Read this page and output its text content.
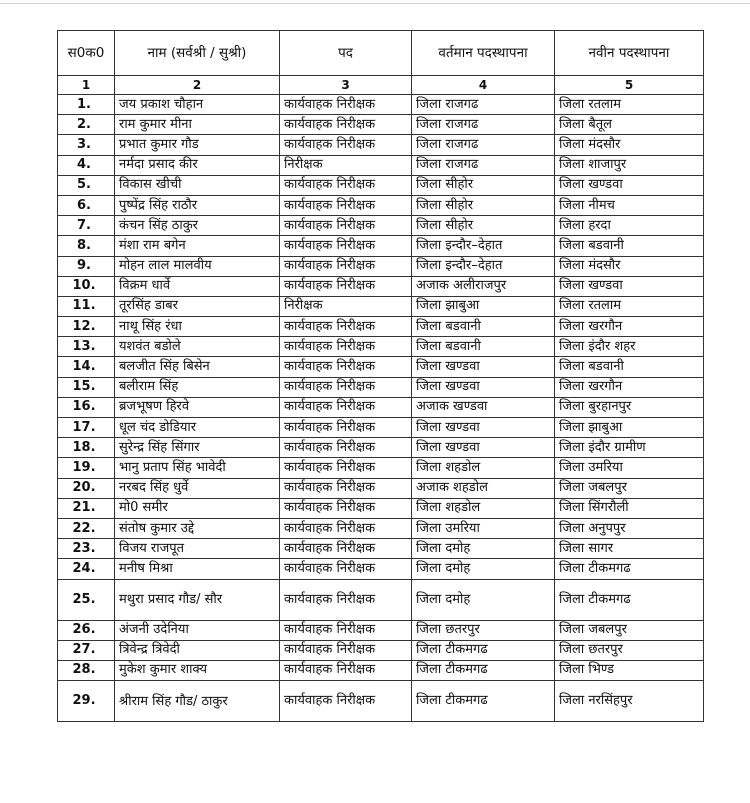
स0क0	नाम (सर्वश्री / सुश्री)	पद	वर्तमान पदस्थापना	नवीन पदस्थापना
1	2	3	4	5
1.	जय प्रकाश चौहान	कार्यवाहक निरीक्षक	जिला राजगढ	जिला रतलाम
2.	राम कुमार मीना	कार्यवाहक निरीक्षक	जिला राजगढ	जिला बैतूल
3.	प्रभात कुमार गौड	कार्यवाहक निरीक्षक	जिला राजगढ	जिला मंदसौर
4.	नर्मदा प्रसाद कीर	निरीक्षक	जिला राजगढ	जिला शाजापुर
5.	विकास खीची	कार्यवाहक निरीक्षक	जिला सीहोर	जिला खण्डवा
6.	पुष्पेंद्र सिंह राठौर	कार्यवाहक निरीक्षक	जिला सीहोर	जिला नीमच
7.	कंचन सिंह ठाकुर	कार्यवाहक निरीक्षक	जिला सीहोर	जिला हरदा
8.	मंशा राम बगेन	कार्यवाहक निरीक्षक	जिला इन्दौर–देहात	जिला बडवानी
9.	मोहन लाल मालवीय	कार्यवाहक निरीक्षक	जिला इन्दौर–देहात	जिला मंदसौर
10.	विक्रम धार्वे	कार्यवाहक निरीक्षक	अजाक अलीराजपुर	जिला खण्डवा
11.	तूरसिंह डाबर	निरीक्षक	जिला झाबुआ	जिला रतलाम
12.	नाथू सिंह रंधा	कार्यवाहक निरीक्षक	जिला बडवानी	जिला खरगौन
13.	यशवंत बडोले	कार्यवाहक निरीक्षक	जिला बडवानी	जिला इंदौर शहर
14.	बलजीत सिंह बिसेन	कार्यवाहक निरीक्षक	जिला खण्डवा	जिला बडवानी
15.	बलीराम सिंह	कार्यवाहक निरीक्षक	जिला खण्डवा	जिला खरगौन
16.	ब्रजभूषण हिरवे	कार्यवाहक निरीक्षक	अजाक खण्डवा	जिला बुरहानपुर
17.	धूल चंद डोडियार	कार्यवाहक निरीक्षक	जिला खण्डवा	जिला झाबुआ
18.	सुरेन्द्र सिंह सिंगार	कार्यवाहक निरीक्षक	जिला खण्डवा	जिला इंदौर ग्रामीण
19.	भानु प्रताप सिंह भावेदी	कार्यवाहक निरीक्षक	जिला शहडोल	जिला उमरिया
20.	नरबद सिंह धुर्वे	कार्यवाहक निरीक्षक	अजाक शहडोल	जिला जबलपुर
21.	मो0 समीर	कार्यवाहक निरीक्षक	जिला शहडोल	जिला सिंगरौली
22.	संतोष कुमार उद्दे	कार्यवाहक निरीक्षक	जिला उमरिया	जिला अनुपपुर
23.	विजय राजपूत	कार्यवाहक निरीक्षक	जिला दमोह	जिला सागर
24.	मनीष मिश्रा	कार्यवाहक निरीक्षक	जिला दमोह	जिला टीकमगढ
25.	मथुरा प्रसाद गौड/ सौर	कार्यवाहक निरीक्षक	जिला दमोह	जिला टीकमगढ
26.	अंजनी उदेनिया	कार्यवाहक निरीक्षक	जिला छतरपुर	जिला जबलपुर
27.	त्रिवेन्द्र त्रिवेदी	कार्यवाहक निरीक्षक	जिला टीकमगढ	जिला छतरपुर
28.	मुकेश कुमार शाक्य	कार्यवाहक निरीक्षक	जिला टीकमगढ	जिला भिण्ड
29.	श्रीराम सिंह गौड/ ठाकुर	कार्यवाहक निरीक्षक	जिला टीकमगढ	जिला नरसिंहपुर
